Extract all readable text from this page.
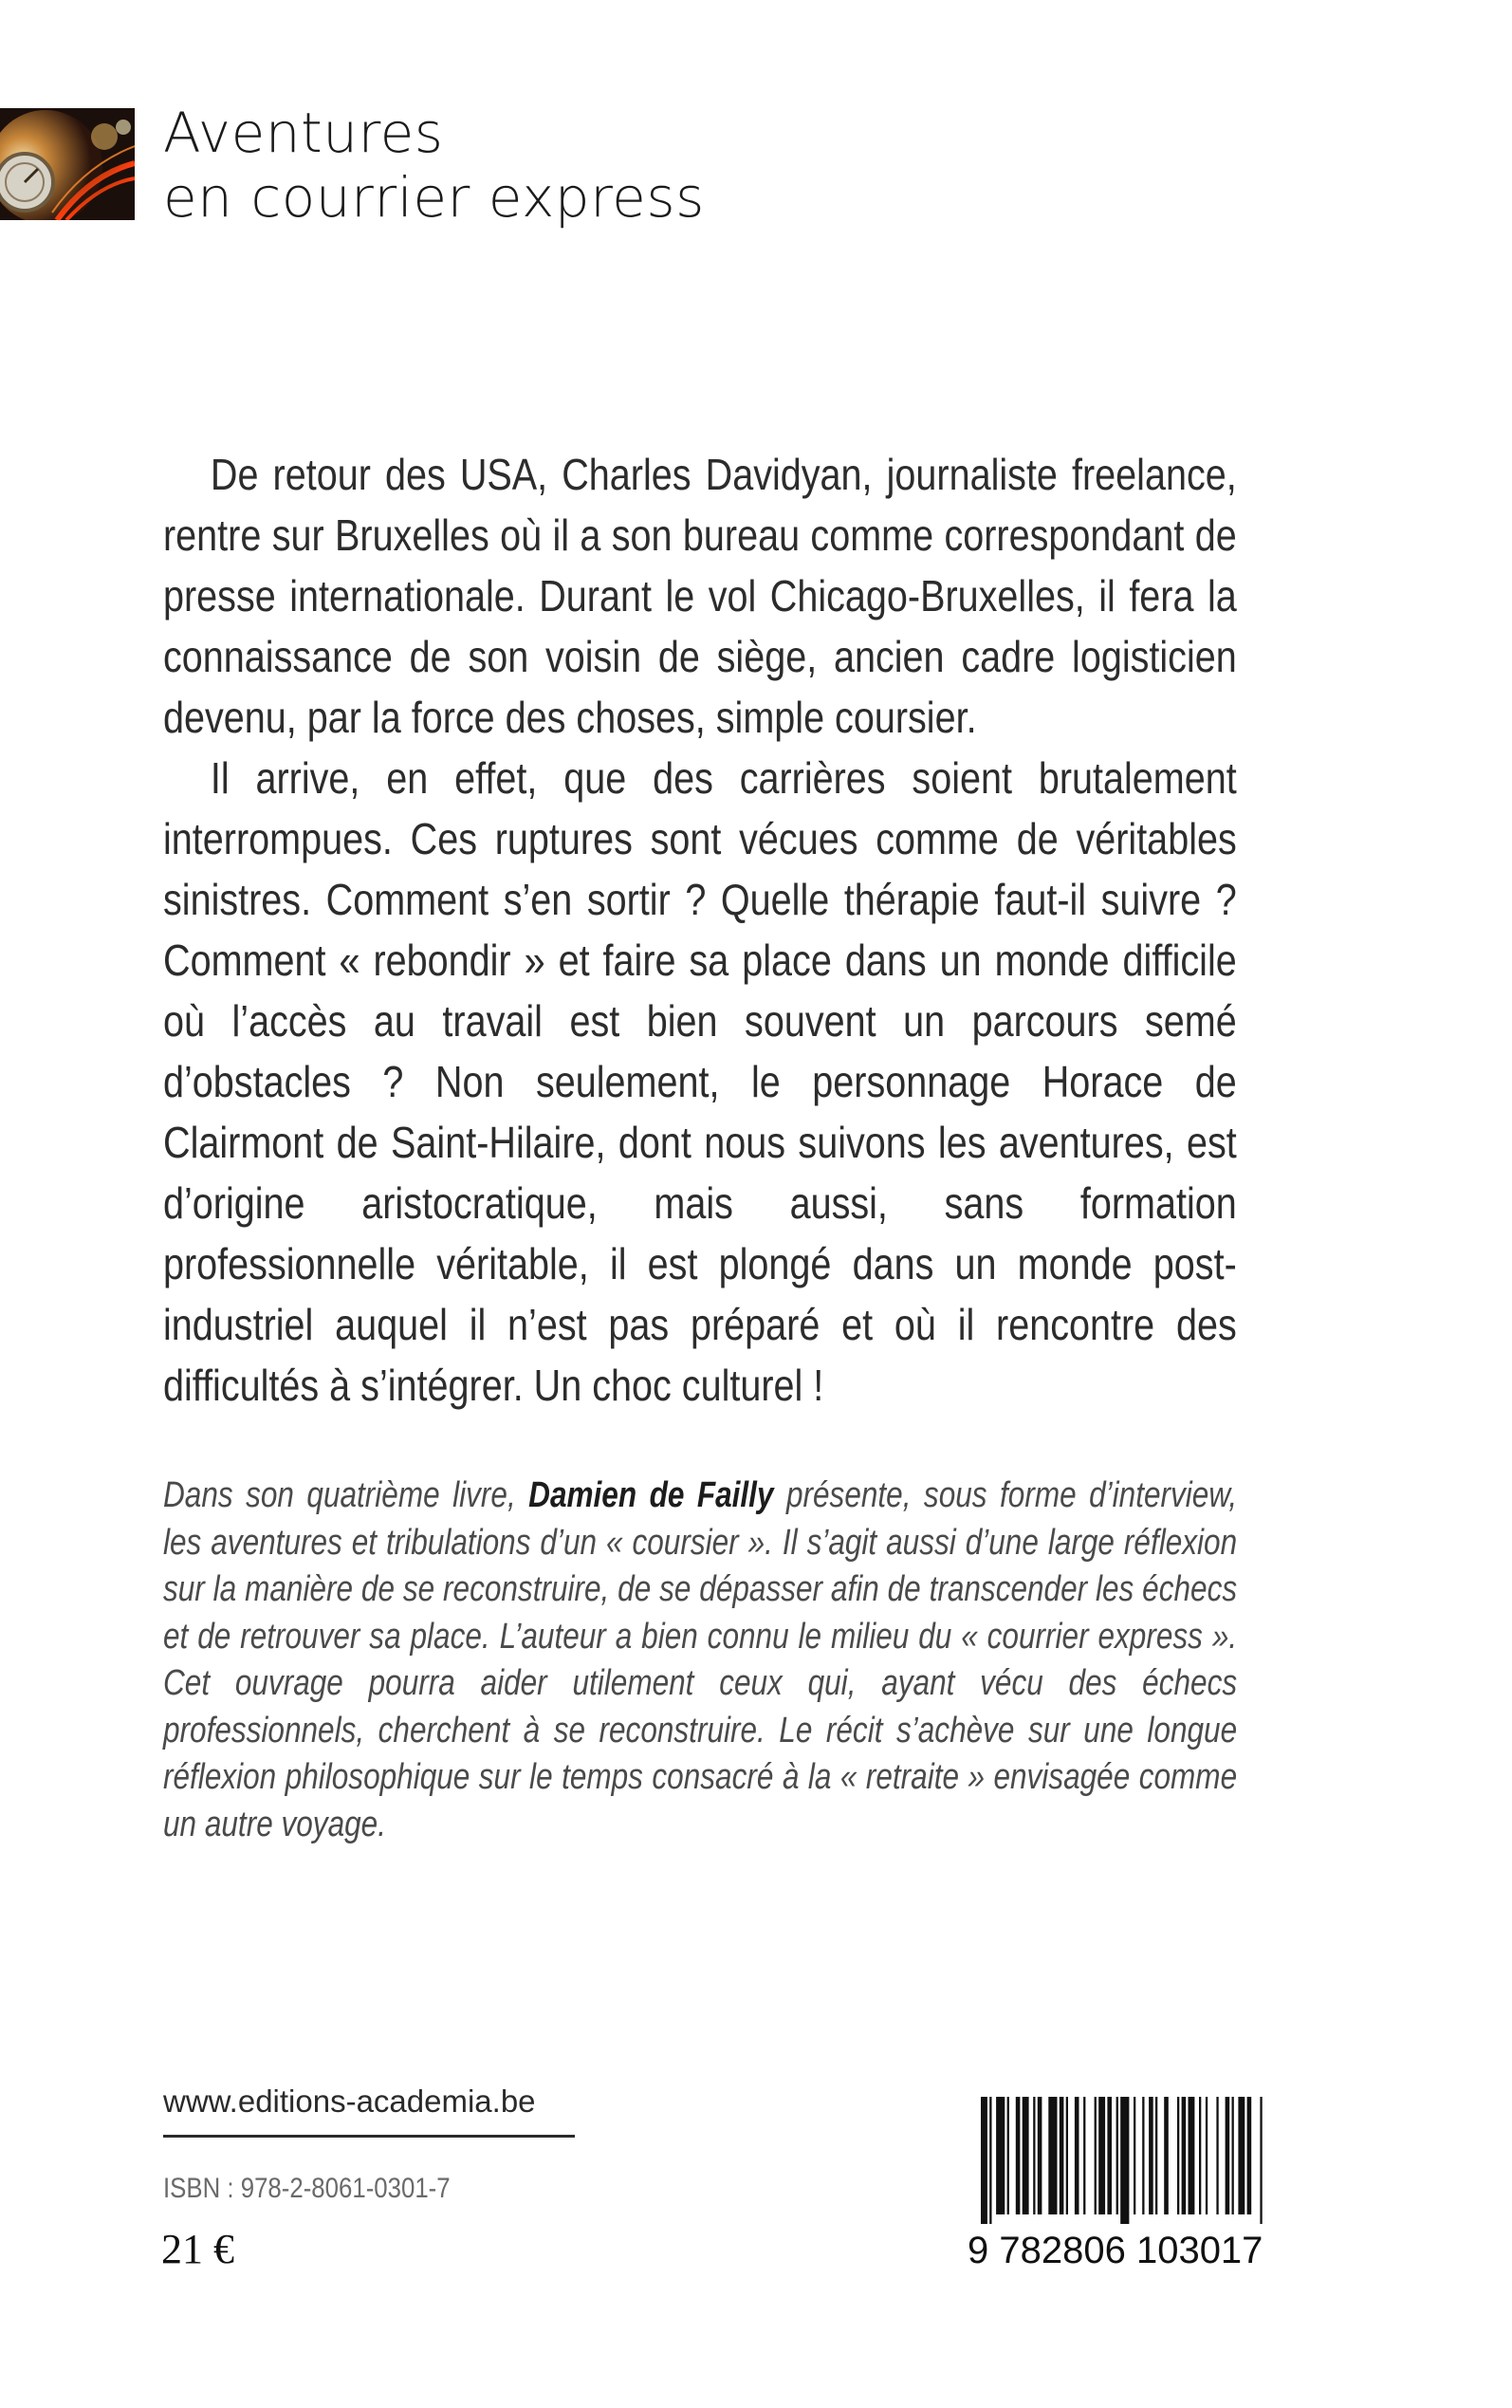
Aventures
en courrier express

De retour des USA, Charles Davidyan, journaliste freelance, rentre sur Bruxelles où il a son bureau comme correspondant de presse internationale. Durant le vol Chicago-Bruxelles, il fera la connaissance de son voisin de siège, ancien cadre logisticien devenu, par la force des choses, simple coursier.

Il arrive, en effet, que des carrières soient brutalement interrompues. Ces ruptures sont vécues comme de véritables sinistres. Comment s’en sortir ? Quelle thérapie faut-il suivre ? Comment « rebondir » et faire sa place dans un monde difficile où l’accès au travail est bien souvent un parcours semé d’obstacles ? Non seulement, le personnage Horace de Clairmont de Saint-Hilaire, dont nous suivons les aventures, est d’origine aristocratique, mais aussi, sans formation professionnelle véritable, il est plongé dans un monde post-industriel auquel il n’est pas préparé et où il rencontre des difficultés à s’intégrer. Un choc culturel !

Dans son quatrième livre, Damien de Failly présente, sous forme d’interview, les aventures et tribulations d’un « coursier ». Il s’agit aussi d’une large réflexion sur la manière de se reconstruire, de se dépasser afin de transcender les échecs et de retrouver sa place. L’auteur a bien connu le milieu du « courrier express ». Cet ouvrage pourra aider utilement ceux qui, ayant vécu des échecs professionnels, cherchent à se reconstruire. Le récit s’achève sur une longue réflexion philosophique sur le temps consacré à la « retraite » envisagée comme un autre voyage.
www.editions-academia.be
ISBN : 978-2-8061-0301-7
21 €	9 782806 103017
